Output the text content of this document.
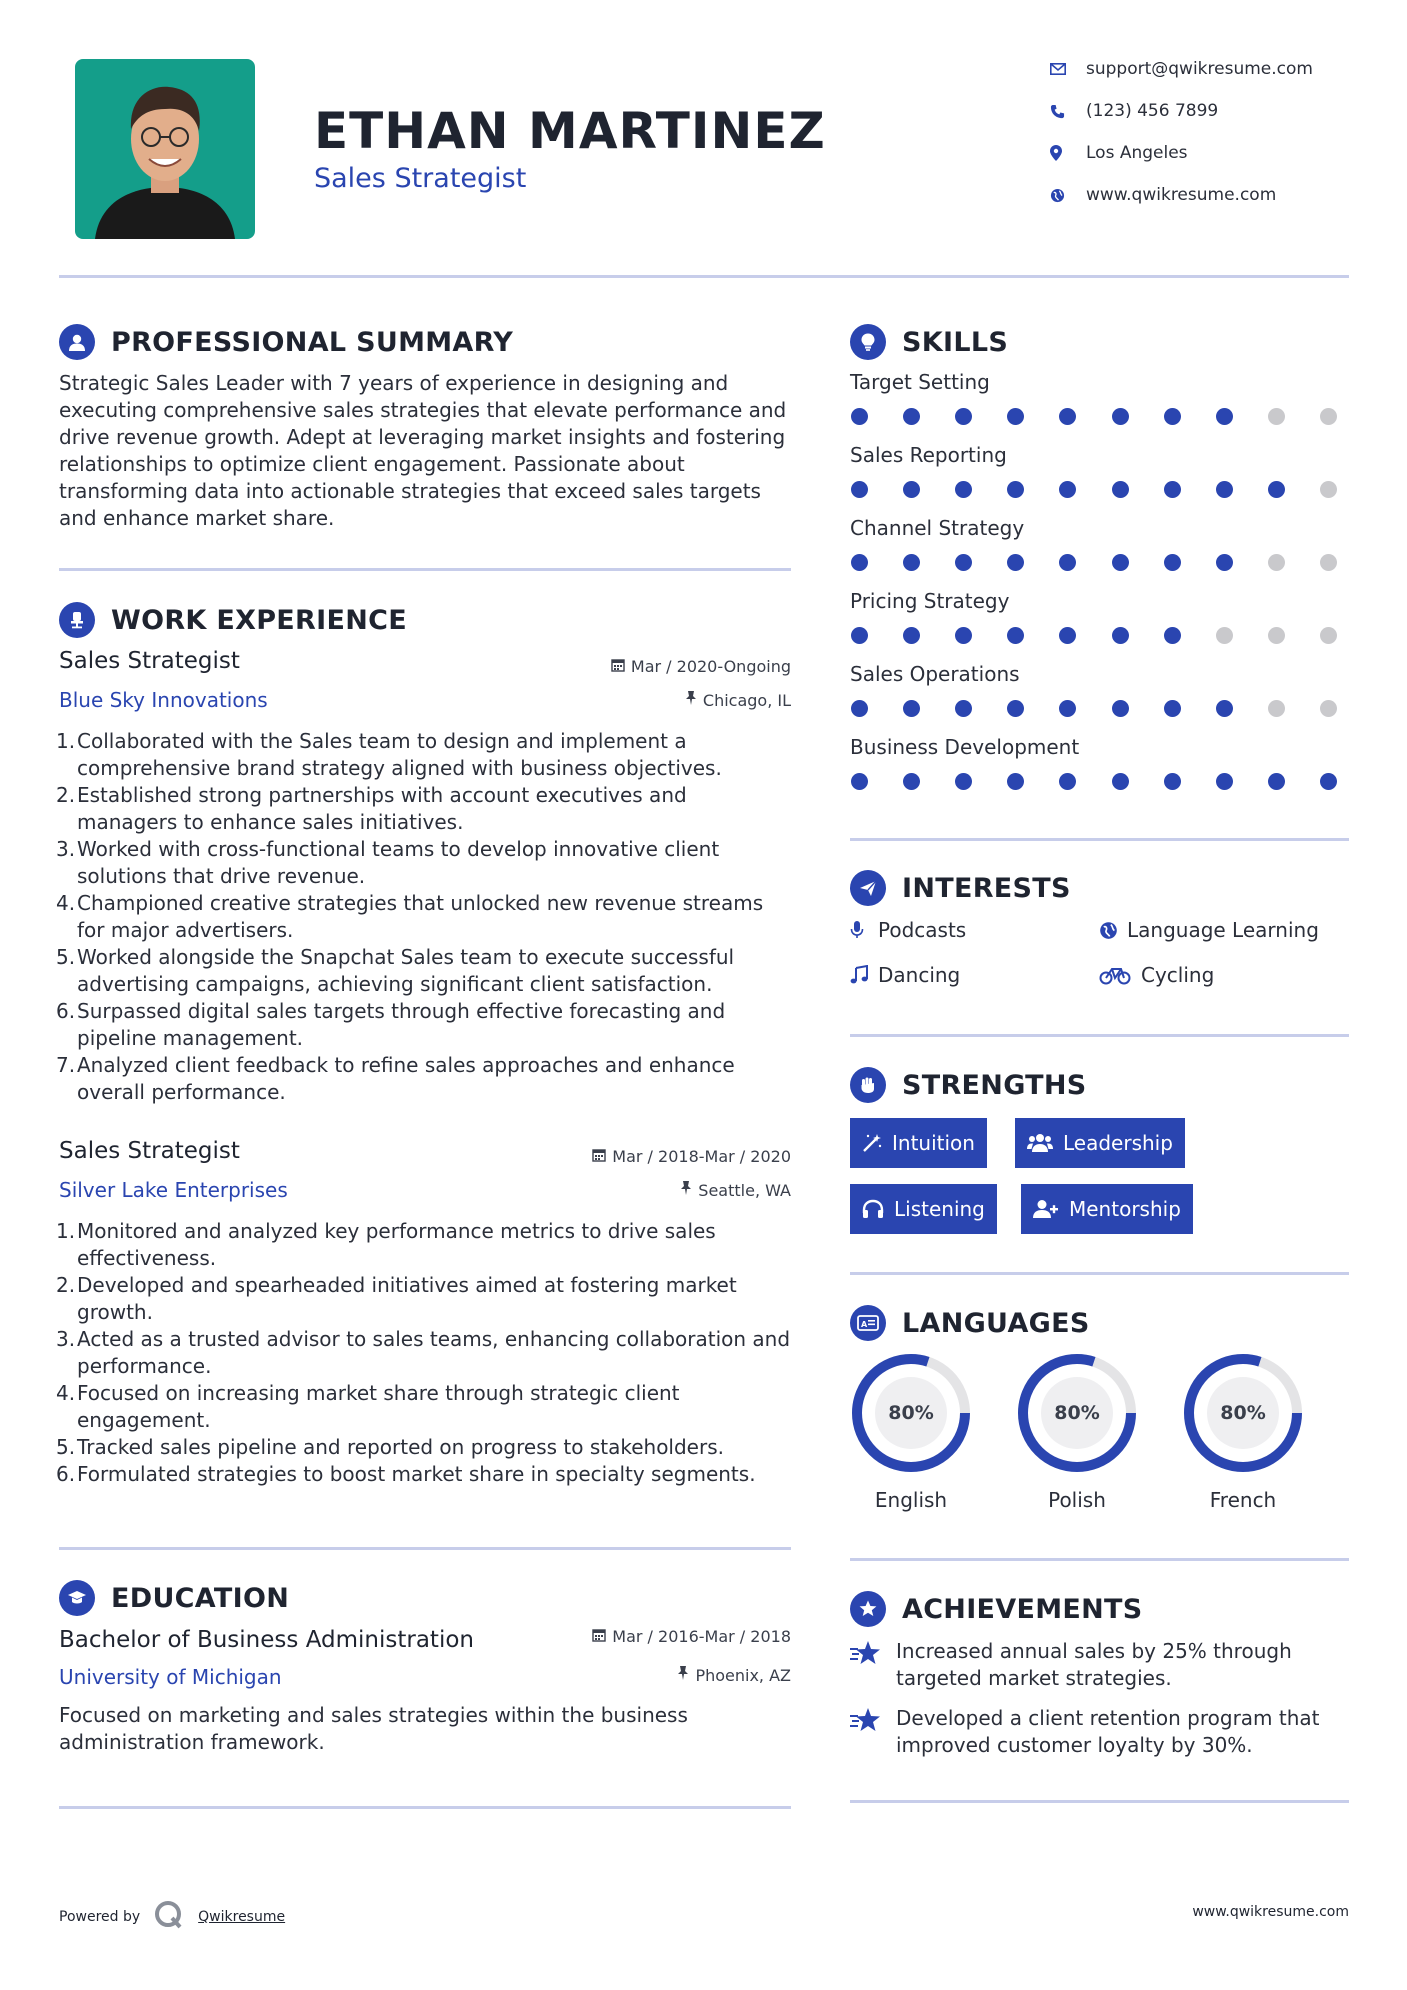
ETHAN MARTINEZ
Sales Strategist
support@qwikresume.com
(123) 456 7899
Los Angeles
www.qwikresume.com
PROFESSIONAL SUMMARY
Strategic Sales Leader with 7 years of experience in designing and executing comprehensive sales strategies that elevate performance and drive revenue growth. Adept at leveraging market insights and fostering relationships to optimize client engagement. Passionate about transforming data into actionable strategies that exceed sales targets and enhance market share.
WORK EXPERIENCE
Sales Strategist	Mar / 2020-Ongoing
Blue Sky Innovations	Chicago, IL
1. Collaborated with the Sales team to design and implement a comprehensive brand strategy aligned with business objectives.
2. Established strong partnerships with account executives and managers to enhance sales initiatives.
3. Worked with cross-functional teams to develop innovative client solutions that drive revenue.
4. Championed creative strategies that unlocked new revenue streams for major advertisers.
5. Worked alongside the Snapchat Sales team to execute successful advertising campaigns, achieving significant client satisfaction.
6. Surpassed digital sales targets through effective forecasting and pipeline management.
7. Analyzed client feedback to refine sales approaches and enhance overall performance.
Sales Strategist	Mar / 2018-Mar / 2020
Silver Lake Enterprises	Seattle, WA
1. Monitored and analyzed key performance metrics to drive sales effectiveness.
2. Developed and spearheaded initiatives aimed at fostering market growth.
3. Acted as a trusted advisor to sales teams, enhancing collaboration and performance.
4. Focused on increasing market share through strategic client engagement.
5. Tracked sales pipeline and reported on progress to stakeholders.
6. Formulated strategies to boost market share in specialty segments.
EDUCATION
Bachelor of Business Administration	Mar / 2016-Mar / 2018
University of Michigan	Phoenix, AZ
Focused on marketing and sales strategies within the business administration framework.
SKILLS
Target Setting
Sales Reporting
Channel Strategy
Pricing Strategy
Sales Operations
Business Development
INTERESTS
Podcasts	Language Learning
Dancing	Cycling
STRENGTHS
Intuition	Leadership
Listening	Mentorship
A LANGUAGES
80%
English
80%
Polish
80%
French
ACHIEVEMENTS
Increased annual sales by 25% through targeted market strategies.
Developed a client retention program that improved customer loyalty by 30%.
Powered by	Qwikresume	www.qwikresume.com
